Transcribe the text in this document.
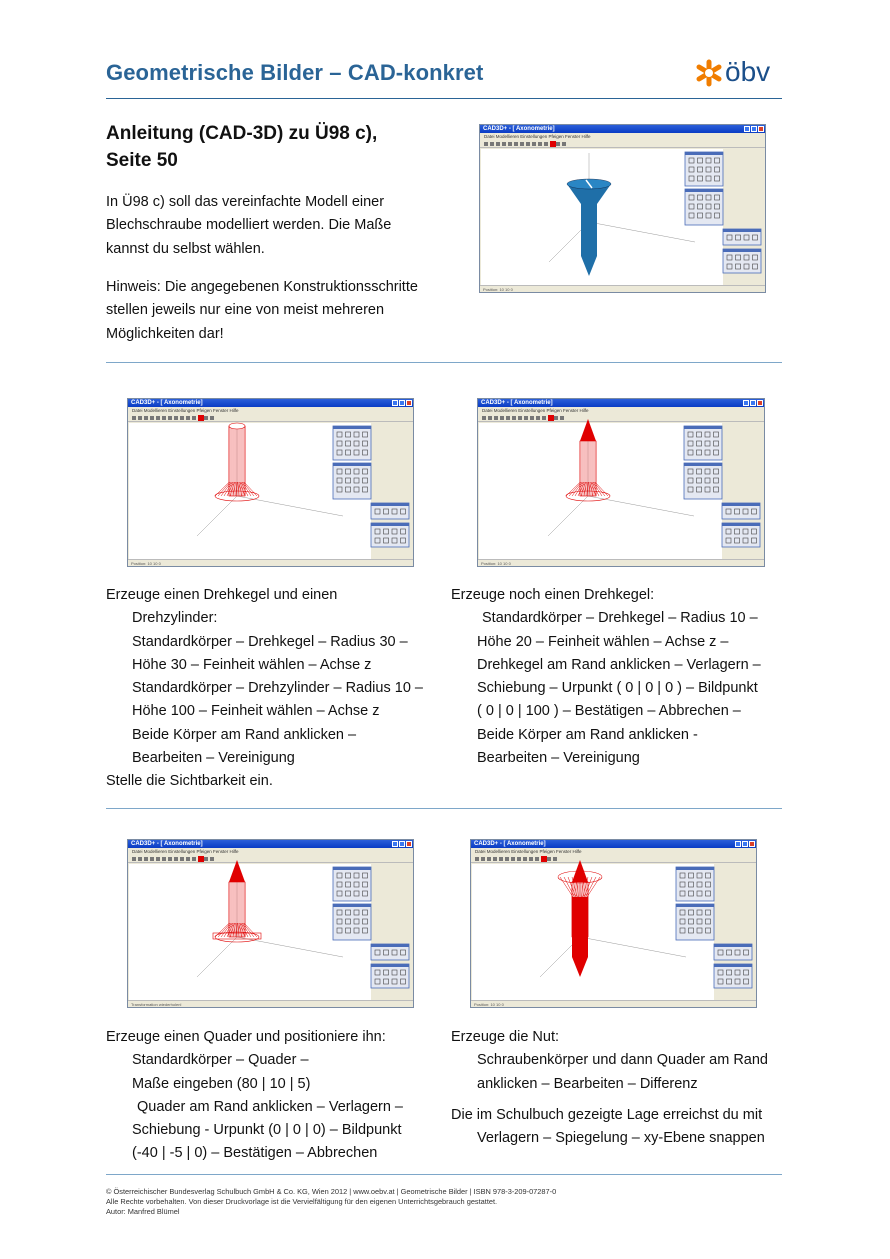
Geometrische Bilder – CAD-konkret	öbv
Anleitung (CAD-3D) zu Ü98 c),
Seite 50
In Ü98 c) soll das vereinfachte Modell einer
Blechschraube modelliert werden. Die Maße
kannst du selbst wählen.
Hinweis: Die angegebenen Konstruktionsschritte
stellen jeweils nur eine von meist mehreren
Möglichkeiten dar!
CAD3D+ - [ Axonometrie]
Datei Modellieren Einstellungen Pfeigen Fenster Hilfe
Position: 10 10 0
CAD3D+ - [ Axonometrie]
Datei Modellieren Einstellungen Pfeigen Fenster Hilfe
Position: 10 10 0
CAD3D+ - [ Axonometrie]
Datei Modellieren Einstellungen Pfeigen Fenster Hilfe
Position: 10 10 0
Erzeuge einen Drehkegel und einen
Drehzylinder:
Standardkörper – Drehkegel – Radius 30 –
Höhe 30 – Feinheit wählen – Achse z
Standardkörper – Drehzylinder – Radius 10 –
Höhe 100 – Feinheit wählen – Achse z
Beide Körper am Rand anklicken –
Bearbeiten – Vereinigung
Stelle die Sichtbarkeit ein.
Erzeuge noch einen Drehkegel:
Standardkörper – Drehkegel – Radius 10 –
Höhe 20 – Feinheit wählen – Achse z –
Drehkegel am Rand anklicken – Verlagern –
Schiebung – Urpunkt ( 0 | 0 | 0 ) – Bildpunkt
( 0 | 0 | 100 ) – Bestätigen – Abbrechen –
Beide Körper am Rand anklicken -
Bearbeiten – Vereinigung
CAD3D+ - [ Axonometrie]
Datei Modellieren Einstellungen Pfeigen Fenster Hilfe
Transformation wiederholen!
CAD3D+ - [ Axonometrie]
Datei Modellieren Einstellungen Pfeigen Fenster Hilfe
Position: 10 10 0
Erzeuge einen Quader und positioniere ihn:
Standardkörper – Quader –
Maße eingeben (80 | 10 | 5)
Quader am Rand anklicken – Verlagern –
Schiebung - Urpunkt (0 | 0 | 0) – Bildpunkt
(-40 | -5 | 0) – Bestätigen – Abbrechen
Erzeuge die Nut:
Schraubenkörper und dann Quader am Rand
anklicken – Bearbeiten – Differenz
Die im Schulbuch gezeigte Lage erreichst du mit
Verlagern – Spiegelung – xy-Ebene snappen
© Österreichischer Bundesverlag Schulbuch GmbH & Co. KG, Wien 2012 | www.oebv.at | Geometrische Bilder | ISBN 978-3-209-07287-0
Alle Rechte vorbehalten. Von dieser Druckvorlage ist die Vervielfältigung für den eigenen Unterrichtsgebrauch gestattet.
Autor: Manfred Blümel
